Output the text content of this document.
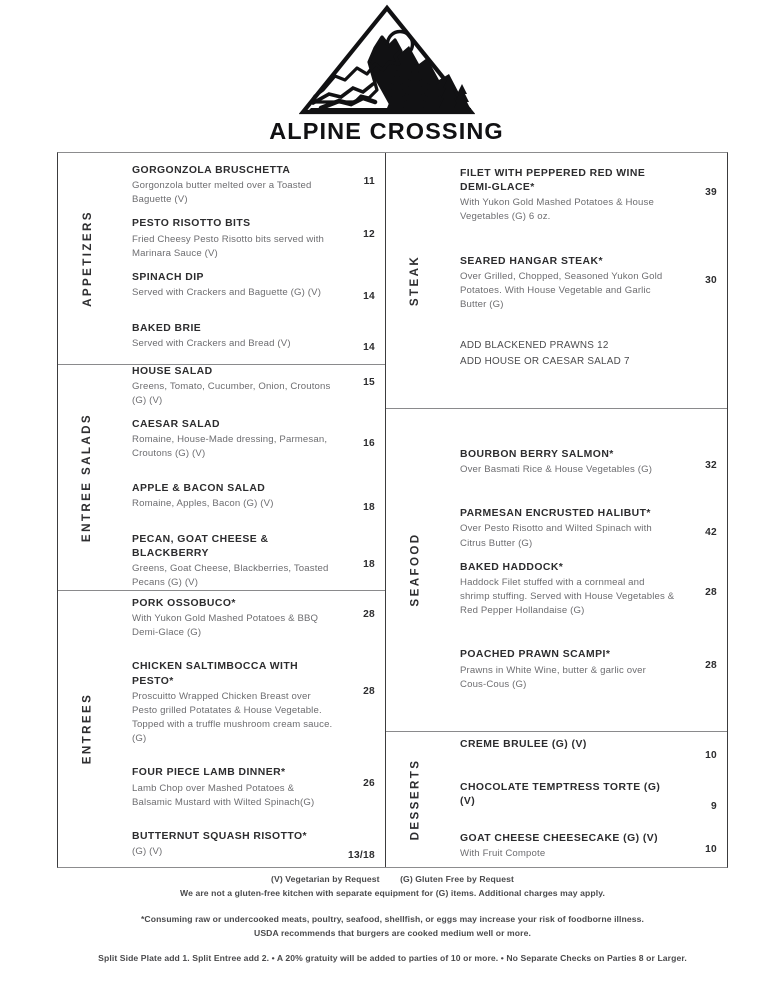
ALPINE CROSSING
APPETIZERS
GORGONZOLA BRUSCHETTA
Gorgonzola butter melted over a Toasted Baguette (V)
11
PESTO RISOTTO BITS
Fried Cheesy Pesto Risotto bits served with Marinara Sauce (V)
12
SPINACH DIP
Served with Crackers and Baguette (G) (V)	14
BAKED BRIE
Served with Crackers and Bread (V)	14
ENTREE SALADS
HOUSE SALAD
Greens, Tomato, Cucumber, Onion, Croutons (G) (V)
15
CAESAR SALAD
Romaine, House-Made dressing, Parmesan, Croutons (G) (V)
16
APPLE & BACON SALAD
Romaine, Apples, Bacon (G) (V)	18
PECAN, GOAT CHEESE & BLACKBERRY
Greens, Goat Cheese, Blackberries, Toasted Pecans (G) (V)
18
ENTREES
PORK OSSOBUCO*
With Yukon Gold Mashed Potatoes & BBQ Demi-Glace (G)
28
CHICKEN SALTIMBOCCA WITH PESTO*
Proscuitto Wrapped Chicken Breast over Pesto grilled Potatates & House Vegetable. Topped with a truffle mushroom cream sauce.(G)
28
FOUR PIECE LAMB DINNER*
Lamb Chop over Mashed Potatoes & Balsamic Mustard with Wilted Spinach(G)
26
BUTTERNUT SQUASH RISOTTO*
(G) (V)	13/18
STEAK
FILET WITH PEPPERED RED WINE DEMI-GLACE*
With Yukon Gold Mashed Potatoes & House Vegetables (G) 6 oz.
39
SEARED HANGAR STEAK*
Over Grilled, Chopped, Seasoned Yukon Gold Potatoes. With House Vegetable and Garlic Butter (G)
30
ADD BLACKENED PRAWNS 12
ADD HOUSE OR CAESAR SALAD 7
SEAFOOD
BOURBON BERRY SALMON*
Over Basmati Rice & House Vegetables (G)	32
PARMESAN ENCRUSTED HALIBUT*
Over Pesto Risotto and Wilted Spinach with Citrus Butter (G)
42
BAKED HADDOCK*
Haddock Filet stuffed with a cornmeal and shrimp stuffing. Served with House Vegetables & Red Pepper Hollandaise (G)
28
POACHED PRAWN SCAMPI*
Prawns in White Wine, butter & garlic over Cous-Cous (G)
28
DESSERTS
CREME BRULEE (G) (V)
10
CHOCOLATE TEMPTRESS TORTE (G) (V)	9
GOAT CHEESE CHEESECAKE (G) (V)
With Fruit Compote	10

(V) Vegetarian by Request (G) Gluten Free by Request

We are not a gluten-free kitchen with separate equipment for (G) items. Additional charges may apply.

*Consuming raw or undercooked meats, poultry, seafood, shellfish, or eggs may increase your risk of foodborne illness.

USDA recommends that burgers are cooked medium well or more.

Split Side Plate add 1. Split Entree add 2. • A 20% gratuity will be added to parties of 10 or more. • No Separate Checks on Parties 8 or Larger.
